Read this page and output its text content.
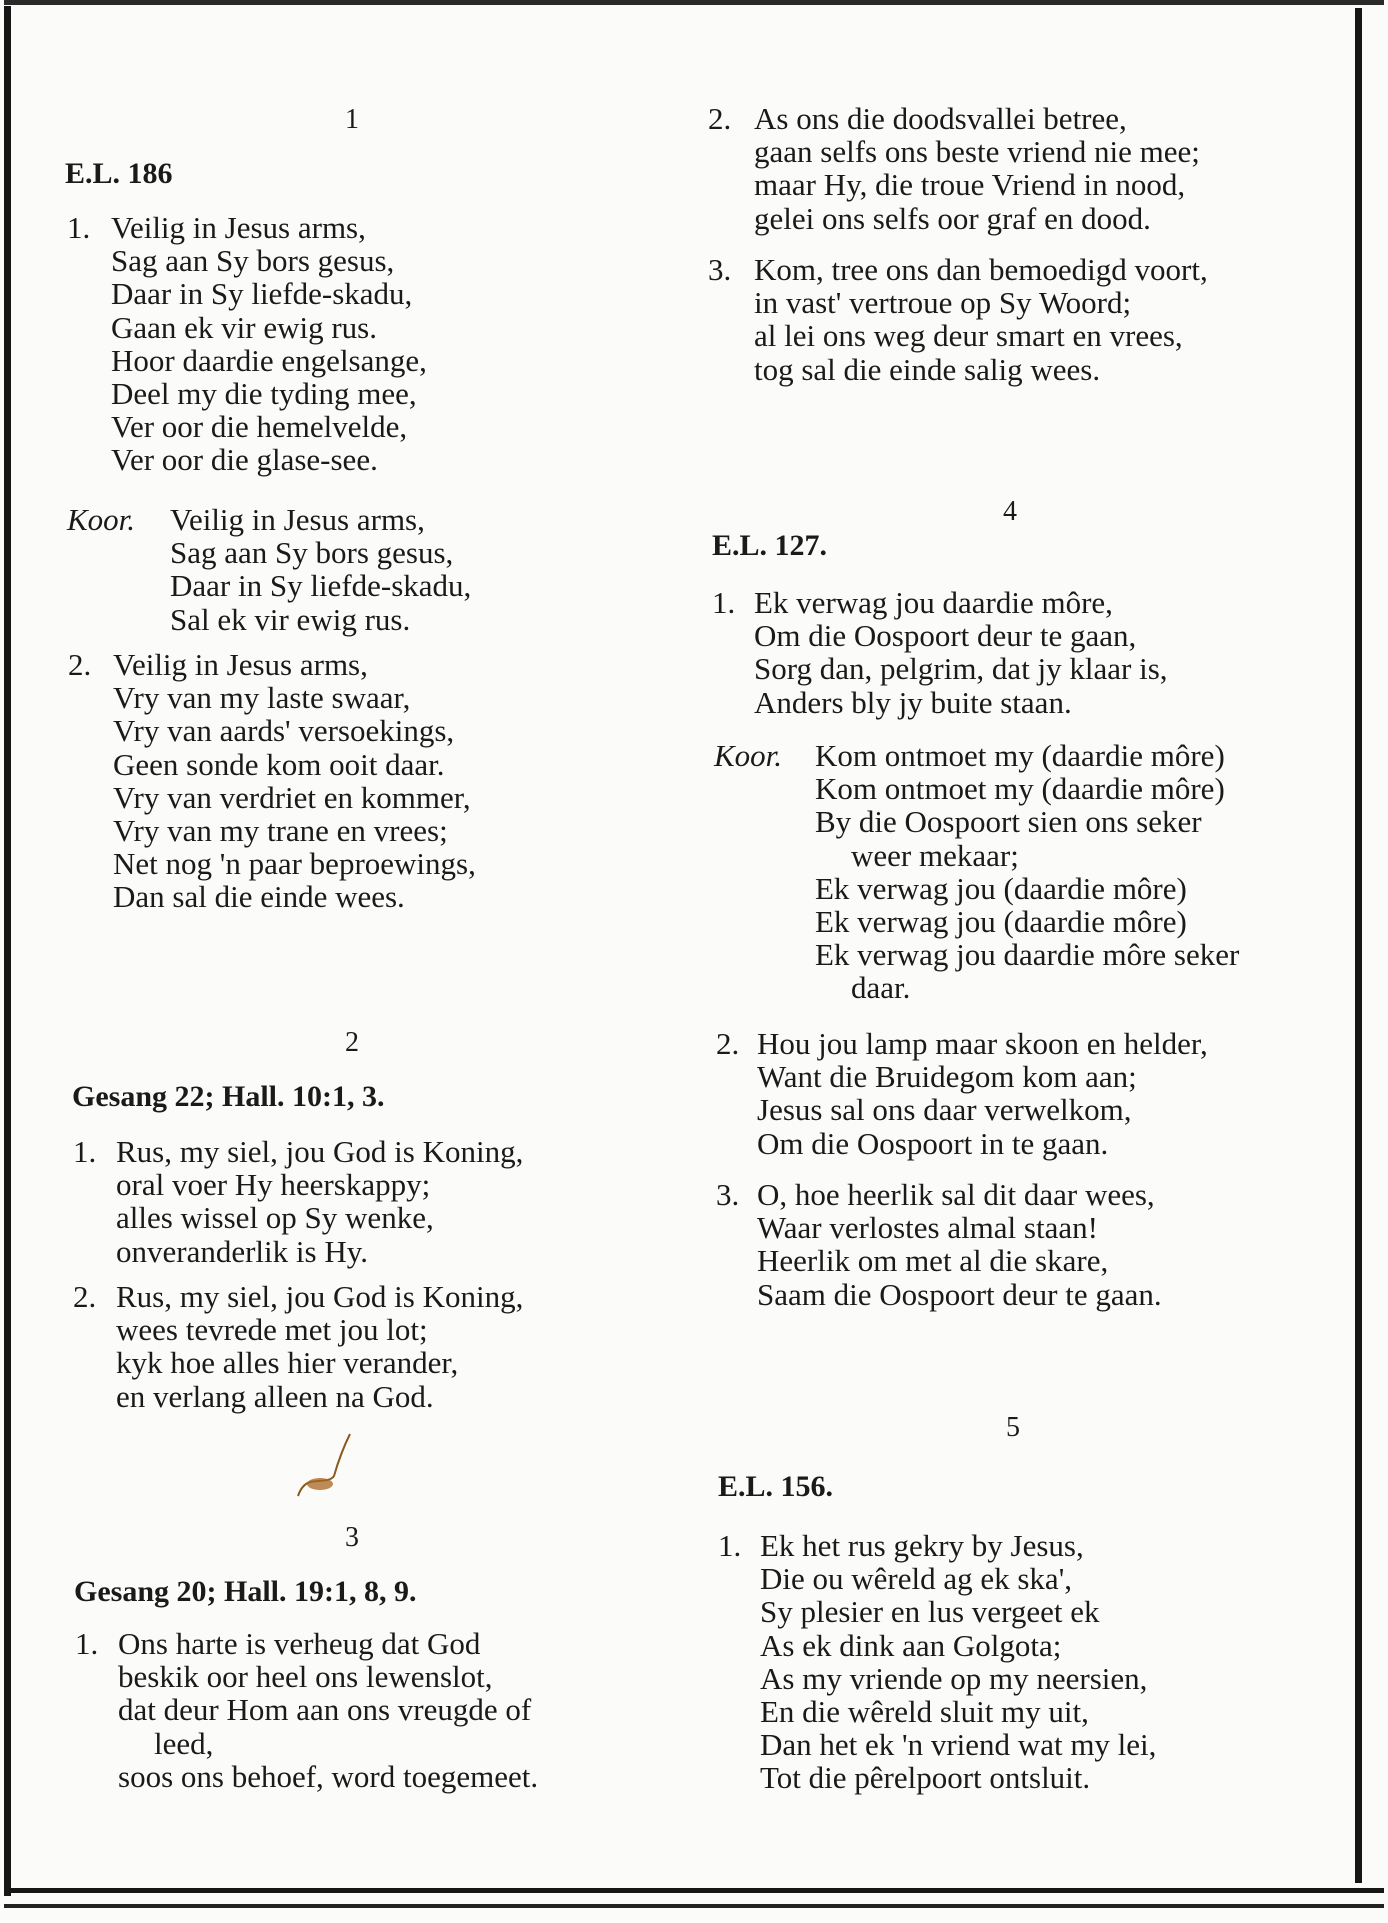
1
E.L. 186
1. Veilig in Jesus arms,
Sag aan Sy bors gesus,
Daar in Sy liefde-skadu,
Gaan ek vir ewig rus.
Hoor daardie engelsange,
Deel my die tyding mee,
Ver oor die hemelvelde,
Ver oor die glase-see.
Koor. Veilig in Jesus arms,
Sag aan Sy bors gesus,
Daar in Sy liefde-skadu,
Sal ek vir ewig rus.
2. Veilig in Jesus arms,
Vry van my laste swaar,
Vry van aards' versoekings,
Geen sonde kom ooit daar.
Vry van verdriet en kommer,
Vry van my trane en vrees;
Net nog 'n paar beproewings,
Dan sal die einde wees.
2
Gesang 22; Hall. 10:1, 3.
1. Rus, my siel, jou God is Koning,
oral voer Hy heerskappy;
alles wissel op Sy wenke,
onveranderlik is Hy.
2. Rus, my siel, jou God is Koning,
wees tevrede met jou lot;
kyk hoe alles hier verander,
en verlang alleen na God.
3
Gesang 20; Hall. 19:1, 8, 9.
1. Ons harte is verheug dat God
beskik oor heel ons lewenslot,
dat deur Hom aan ons vreugde of
leed,
soos ons behoef, word toegemeet.
2. As ons die doodsvallei betree,
gaan selfs ons beste vriend nie mee;
maar Hy, die troue Vriend in nood,
gelei ons selfs oor graf en dood.
3. Kom, tree ons dan bemoedigd voort,
in vast' vertroue op Sy Woord;
al lei ons weg deur smart en vrees,
tog sal die einde salig wees.
4
E.L. 127.
1. Ek verwag jou daardie môre,
Om die Oospoort deur te gaan,
Sorg dan, pelgrim, dat jy klaar is,
Anders bly jy buite staan.
Koor. Kom ontmoet my (daardie môre)
Kom ontmoet my (daardie môre)
By die Oospoort sien ons seker
weer mekaar;
Ek verwag jou (daardie môre)
Ek verwag jou (daardie môre)
Ek verwag jou daardie môre seker
daar.
2. Hou jou lamp maar skoon en helder,
Want die Bruidegom kom aan;
Jesus sal ons daar verwelkom,
Om die Oospoort in te gaan.
3. O, hoe heerlik sal dit daar wees,
Waar verlostes almal staan!
Heerlik om met al die skare,
Saam die Oospoort deur te gaan.
5
E.L. 156.
1. Ek het rus gekry by Jesus,
Die ou wêreld ag ek ska',
Sy plesier en lus vergeet ek
As ek dink aan Golgota;
As my vriende op my neersien,
En die wêreld sluit my uit,
Dan het ek 'n vriend wat my lei,
Tot die pêrelpoort ontsluit.
